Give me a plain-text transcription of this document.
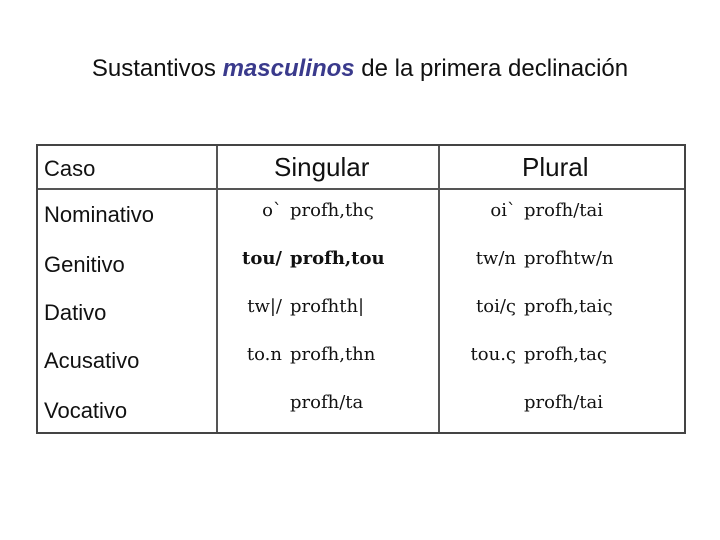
Sustantivos masculinos de la primera declinación
Caso	Singular	Plural
Nominativo	o` profh,thς	oi` profh/tai
Genitivo	tou/ profh,tou	tw/n profhtw/n
Dativo	tw|/ profhth|	toi/ς profh,taiς
Acusativo	to.n profh,thn	tou.ς profh,taς
Vocativo	profh/ta	profh/tai
